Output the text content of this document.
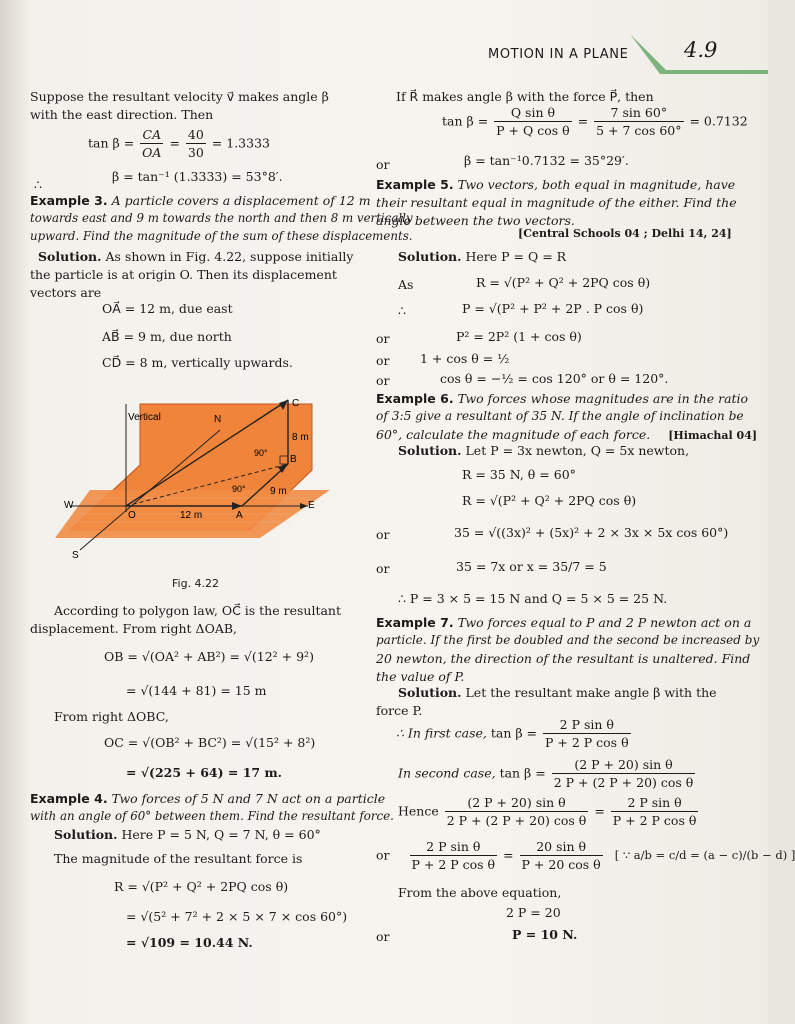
MOTION IN A PLANE	4.9
Suppose the resultant velocity v⃗ makes angle β
with the east direction. Then
$\tan \beta = \frac{CA}{OA} = \frac{40}{30} = 1.3333$
∴
β = tan⁻¹ (1.3333) = 53°8′.
Example 3. A particle covers a displacement of 12 m
towards east and 9 m towards the north and then 8 m vertically
upward. Find the magnitude of the sum of these displacements.
Solution. As shown in Fig. 4.22, suppose initially
the particle is at origin O. Then its displacement
vectors are
OA⃗ = 12 m, due east
AB⃗ = 9 m, due north
CD⃗ = 8 m, vertically upwards.
Fig. 4.22
According to polygon law, OC⃗ is the resultant
displacement. From right ΔOAB,
OB = √(OA² + AB²) = √(12² + 9²)
= √(144 + 81) = 15 m
From right ΔOBC,
OC = √(OB² + BC²) = √(15² + 8²)
= √(225 + 64) = 17 m.
Example 4. Two forces of 5 N and 7 N act on a particle
with an angle of 60° between them. Find the resultant force.
Solution. Here P = 5 N, Q = 7 N, θ = 60°
The magnitude of the resultant force is
R = √(P² + Q² + 2PQ cos θ)
= √(5² + 7² + 2 × 5 × 7 × cos 60°)
= √109 = 10.44 N.
Vertical	N
C
8 m
90°
B
90° 9 m
W
O	12 m	A
E
S
If R⃗ makes angle β with the force P⃗, then
$\tan \beta = \frac{\text{Q sin θ}}{\text{P + Q cos θ}} = \frac{7 \sin 60^\circ}{5 + 7 \cos 60^\circ} = 0.7132$
or	β = tan⁻¹0.7132 = 35°29′.
Example 5. Two vectors, both equal in magnitude, have
their resultant equal in magnitude of the either. Find the
angle between the two vectors.
[Central Schools 04 ; Delhi 14, 24]
Solution. Here P = Q = R
As	R = √(P² + Q² + 2PQ cos θ)
∴	P = √(P² + P² + 2P . P cos θ)
or	P² = 2P² (1 + cos θ)
or 1 + cos θ = ½
or	cos θ = −½ = cos 120° or θ = 120°.
Example 6. Two forces whose magnitudes are in the ratio
of 3:5 give a resultant of 35 N. If the angle of inclination be
60°, calculate the magnitude of each force. [Himachal 04]
Solution. Let P = 3x newton, Q = 5x newton,
R = 35 N, θ = 60°
R = √(P² + Q² + 2PQ cos θ)
or	35 = √((3x)² + (5x)² + 2 × 3x × 5x cos 60°)
or	35 = 7x or x = 35/7 = 5
∴ P = 3 × 5 = 15 N and Q = 5 × 5 = 25 N.
Example 7. Two forces equal to P and 2 P newton act on a
particle. If the first be doubled and the second be increased by
20 newton, the direction of the resultant is unaltered. Find
the value of P.
Solution. Let the resultant make angle β with the
force P.
∴ In first case, $\tan \beta = \frac{\text{2 P sin θ}}{\text{P + 2 P cos θ}}$
In second case, $\tan \beta = \frac{\text{(2 P + 20) sin θ}}{\text{2 P + (2 P + 20) cos θ}}$
Hence $\frac{\text{(2 P + 20) sin θ}}{\text{2 P + (2 P + 20) cos θ}} = \frac{\text{2 P sin θ}}{\text{P + 2 P cos θ}}$
or $\frac{\text{2 P sin θ}}{\text{P + 2 P cos θ}} = \frac{\text{20 sin θ}}{\text{P + 20 cos θ}}$ [ ∵ a/b = c/d = (a − c)/(b − d) ]
From the above equation,
2 P = 20
or	P = 10 N.
